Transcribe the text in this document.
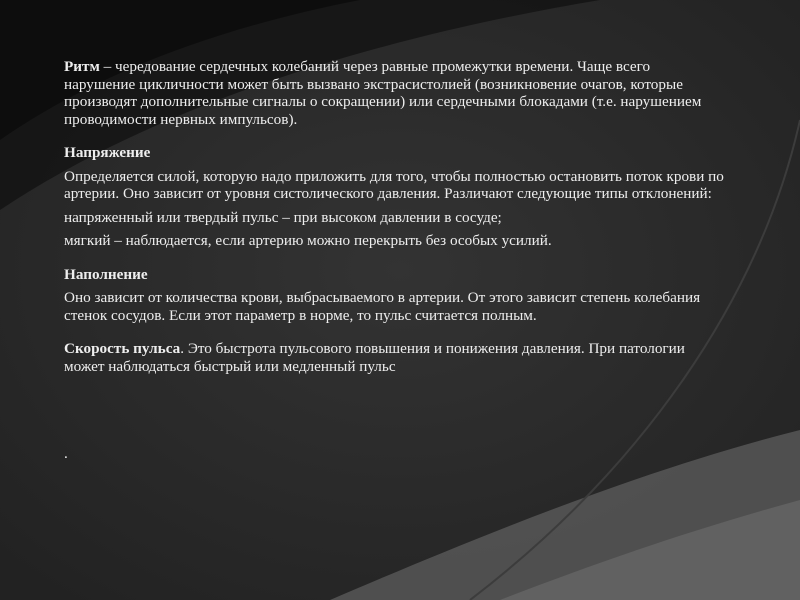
Ритм – чередование сердечных колебаний через равные промежутки времени. Чаще всего нарушение цикличности может быть вызвано экстрасистолией (возникновение очагов, которые производят дополнительные сигналы о сокращении) или сердечными блокадами (т.е. нарушением проводимости нервных импульсов).

Напряжение

Определяется силой, которую надо приложить для того, чтобы полностью остановить поток крови по артерии. Оно зависит от уровня систолического давления. Различают следующие типы отклонений:

напряженный или твердый пульс – при высоком давлении в сосуде;

мягкий – наблюдается, если артерию можно перекрыть без особых усилий.

Наполнение

Оно зависит от количества крови, выбрасываемого в артерии. От этого зависит степень колебания стенок сосудов. Если этот параметр в норме, то пульс считается полным.

Скорость пульса. Это быстрота пульсового повышения и понижения давления. При патологии может наблюдаться быстрый или медленный пульс

.
